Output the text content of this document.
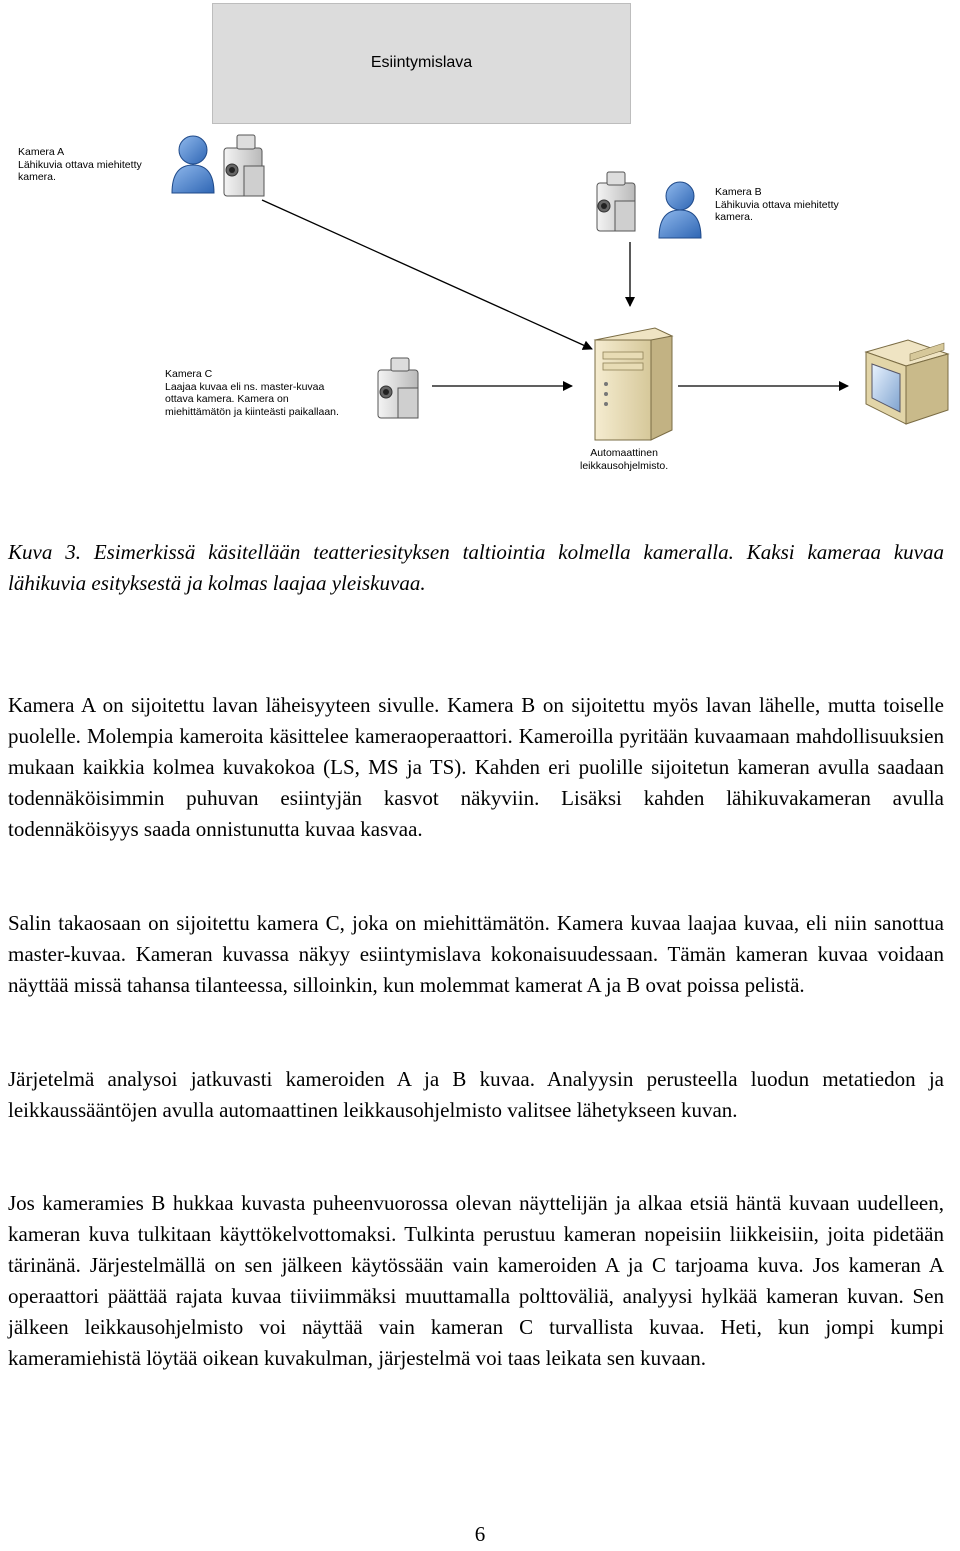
Esiintymislava
Kamera A
Lähikuvia ottava miehitetty
kamera.
Kamera B
Lähikuvia ottava miehitetty
kamera.
Kamera C
Laajaa kuvaa eli ns. master-kuvaa
ottava kamera. Kamera on
miehittämätön ja kiinteästi paikallaan.
Automaattinen
leikkausohjelmisto.
Kuva 3. Esimerkissä käsitellään teatteriesityksen taltiointia kolmella kameralla. Kaksi kameraa kuvaa lähikuvia esityksestä ja kolmas laajaa yleiskuvaa.
Kamera A on sijoitettu lavan läheisyyteen sivulle. Kamera B on sijoitettu myös lavan lähelle, mutta toiselle puolelle. Molempia kameroita käsittelee kameraoperaattori. Kameroilla pyritään kuvaamaan mahdollisuuksien mukaan kaikkia kolmea kuvakokoa (LS, MS ja TS). Kahden eri puolille sijoitetun kameran avulla saadaan todennäköisimmin puhuvan esiintyjän kasvot näkyviin. Lisäksi kahden lähikuvakameran avulla todennäköisyys saada onnistunutta kuvaa kasvaa.
Salin takaosaan on sijoitettu kamera C, joka on miehittämätön. Kamera kuvaa laajaa kuvaa, eli niin sanottua master-kuvaa. Kameran kuvassa näkyy esiintymislava kokonaisuudessaan. Tämän kameran kuvaa voidaan näyttää missä tahansa tilanteessa, silloinkin, kun molemmat kamerat A ja B ovat poissa pelistä.
Järjetelmä analysoi jatkuvasti kameroiden A ja B kuvaa. Analyysin perusteella luodun metatiedon ja leikkaussääntöjen avulla automaattinen leikkausohjelmisto valitsee lähetykseen kuvan.
Jos kameramies B hukkaa kuvasta puheenvuorossa olevan näyttelijän ja alkaa etsiä häntä kuvaan uudelleen, kameran kuva tulkitaan käyttökelvottomaksi. Tulkinta perustuu kameran nopeisiin liikkeisiin, joita pidetään tärinänä. Järjestelmällä on sen jälkeen käytössään vain kameroiden A ja C tarjoama kuva. Jos kameran A operaattori päättää rajata kuvaa tiiviimmäksi muuttamalla polttoväliä, analyysi hylkää kameran kuvan. Sen jälkeen leikkausohjelmisto voi näyttää vain kameran C turvallista kuvaa. Heti, kun jompi kumpi kameramiehistä löytää oikean kuvakulman, järjestelmä voi taas leikata sen kuvaan.
6
